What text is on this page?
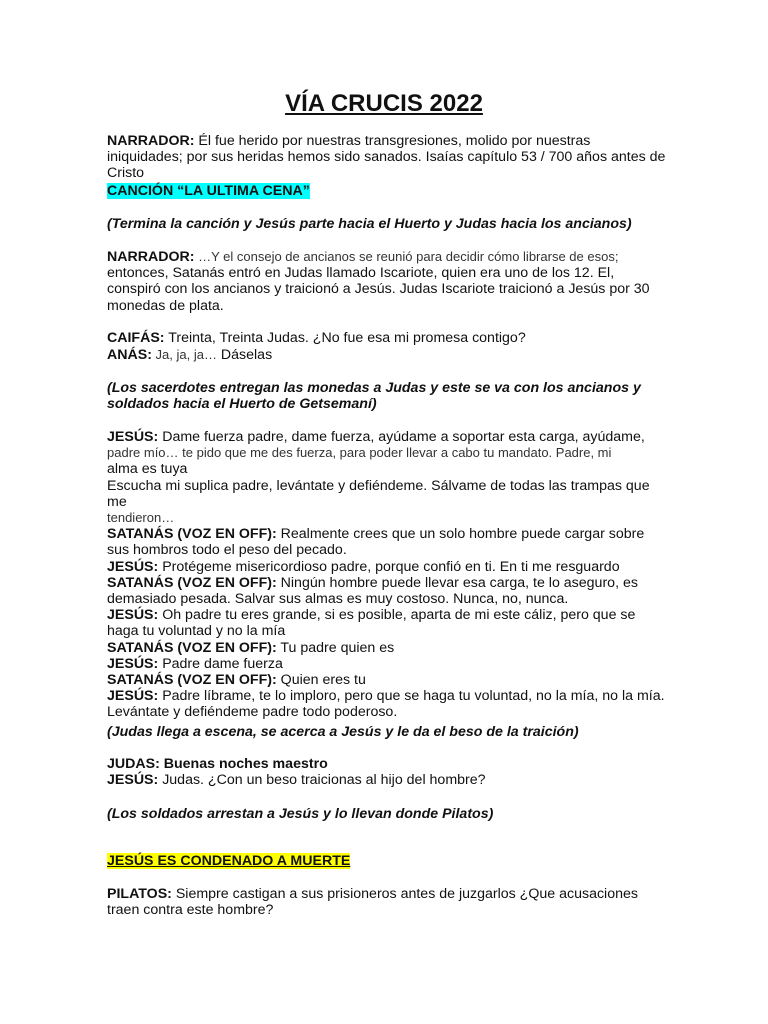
VÍA CRUCIS 2022

NARRADOR: Él fue herido por nuestras transgresiones, molido por nuestras iniquidades; por sus heridas hemos sido sanados. Isaías capítulo 53 / 700 años antes de Cristo

CANCIÓN “LA ULTIMA CENA”

(Termina la canción y Jesús parte hacia el Huerto y Judas hacia los ancianos)

NARRADOR: …Y el consejo de ancianos se reunió para decidir cómo librarse de esos;
entonces, Satanás entró en Judas llamado Iscariote, quien era uno de los 12. El, conspiró con los ancianos y traicionó a Jesús. Judas Iscariote traicionó a Jesús por 30 monedas de plata.

CAIFÁS: Treinta, Treinta Judas. ¿No fue esa mi promesa contigo?

ANÁS: Ja, ja, ja… Dáselas

(Los sacerdotes entregan las monedas a Judas y este se va con los ancianos y soldados hacia el Huerto de Getsemaní)

JESÚS: Dame fuerza padre, dame fuerza, ayúdame a soportar esta carga, ayúdame,
padre mío… te pido que me des fuerza, para poder llevar a cabo tu mandato. Padre, mi
alma es tuya
Escucha mi suplica padre, levántate y defiéndeme. Sálvame de todas las trampas que me
tendieron…
SATANÁS (VOZ EN OFF): Realmente crees que un solo hombre puede cargar sobre sus hombros todo el peso del pecado.
JESÚS: Protégeme misericordioso padre, porque confió en ti. En ti me resguardo
SATANÁS (VOZ EN OFF): Ningún hombre puede llevar esa carga, te lo aseguro, es demasiado pesada. Salvar sus almas es muy costoso. Nunca, no, nunca.
JESÚS: Oh padre tu eres grande, si es posible, aparta de mi este cáliz, pero que se haga tu voluntad y no la mía
SATANÁS (VOZ EN OFF): Tu padre quien es
JESÚS: Padre dame fuerza
SATANÁS (VOZ EN OFF): Quien eres tu
JESÚS: Padre líbrame, te lo imploro, pero que se haga tu voluntad, no la mía, no la mía. Levántate y defiéndeme padre todo poderoso.

(Judas llega a escena, se acerca a Jesús y le da el beso de la traición)

JUDAS: Buenas noches maestro
JESÚS: Judas. ¿Con un beso traicionas al hijo del hombre?

(Los soldados arrestan a Jesús y lo llevan donde Pilatos)

JESÚS ES CONDENADO A MUERTE

PILATOS: Siempre castigan a sus prisioneros antes de juzgarlos ¿Que acusaciones traen contra este hombre?
